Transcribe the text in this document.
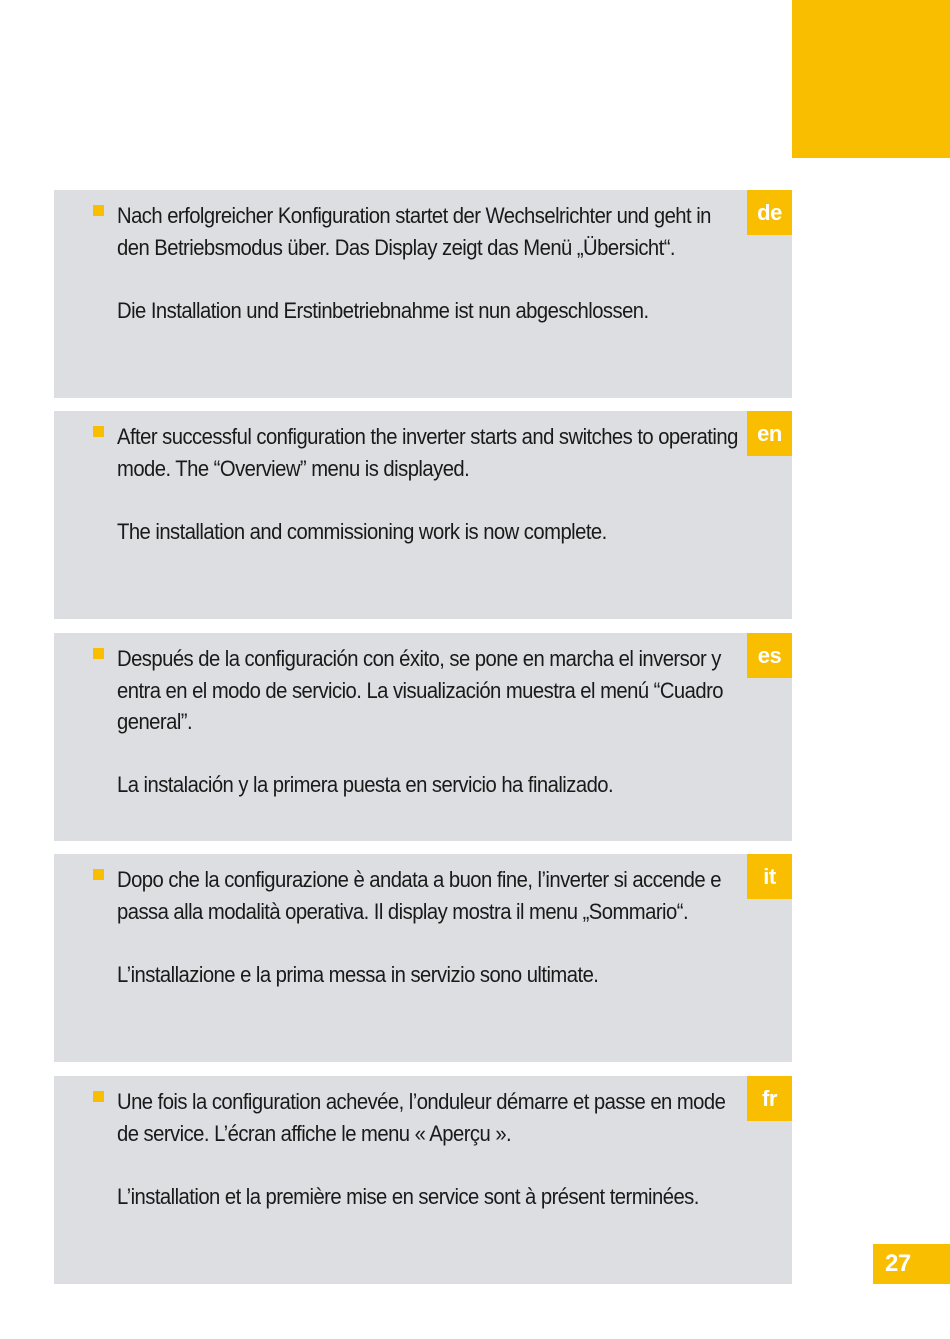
Nach erfolgreicher Konfiguration startet der Wechselrichter und geht in den Betriebsmodus über. Das Display zeigt das Menü „Übersicht“.

Die Installation und Erstinbetriebnahme ist nun abgeschlossen.

de

After successful configuration the inverter starts and switches to operating mode. The “Overview” menu is displayed.

The installation and commissioning work is now complete.

en

Después de la configuración con éxito, se pone en marcha el inversor y entra en el modo de servicio. La visualización muestra el menú “Cuadro general”.

La instalación y la primera puesta en servicio ha finalizado.

es

Dopo che la configurazione è andata a buon fine, l’inverter si accende e passa alla modalità operativa. Il display mostra il menu „Sommario“.

L’installazione e la prima messa in servizio sono ultimate.

it

Une fois la configuration achevée, l’onduleur démarre et passe en mode de service. L’écran affiche le menu « Aperçu ».

L’installation et la première mise en service sont à présent terminées.

fr
27
